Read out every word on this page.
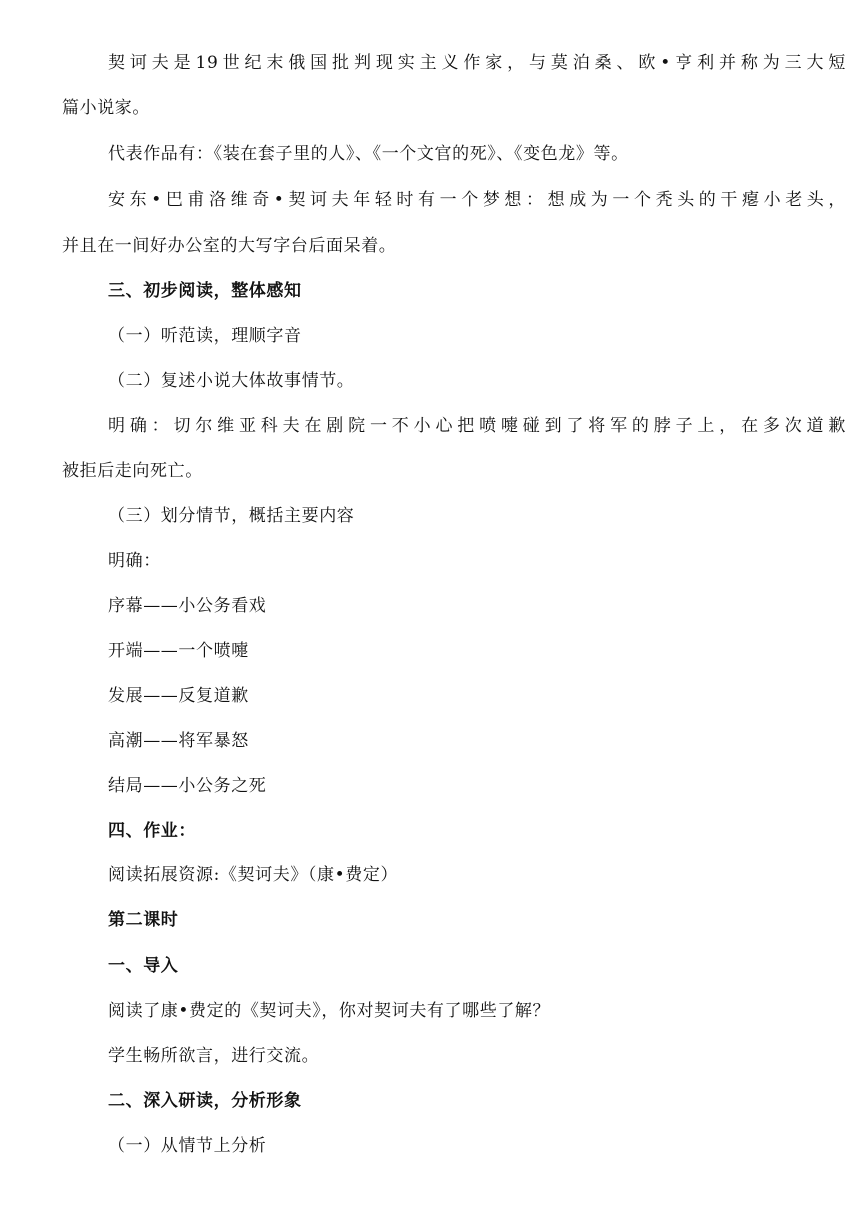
契诃夫是19世纪末俄国批判现实主义作家，与莫泊桑、欧•亨利并称为三大短
篇小说家。
代表作品有：《装在套子里的人》、《一个文官的死》、《变色龙》等。
安东•巴甫洛维奇•契诃夫年轻时有一个梦想：想成为一个秃头的干瘪小老头，
并且在一间好办公室的大写字台后面呆着。
三、初步阅读，整体感知
（一）听范读，理顺字音
（二）复述小说大体故事情节。
明确：切尔维亚科夫在剧院一不小心把喷嚏碰到了将军的脖子上，在多次道歉
被拒后走向死亡。
（三）划分情节，概括主要内容
明确：
序幕——小公务看戏
开端——一个喷嚏
发展——反复道歉
高潮——将军暴怒
结局——小公务之死
四、作业：
阅读拓展资源:《契诃夫》（康•费定）
第二课时
一、导入
阅读了康•费定的《契诃夫》，你对契诃夫有了哪些了解？
学生畅所欲言，进行交流。
二、深入研读，分析形象
（一）从情节上分析
